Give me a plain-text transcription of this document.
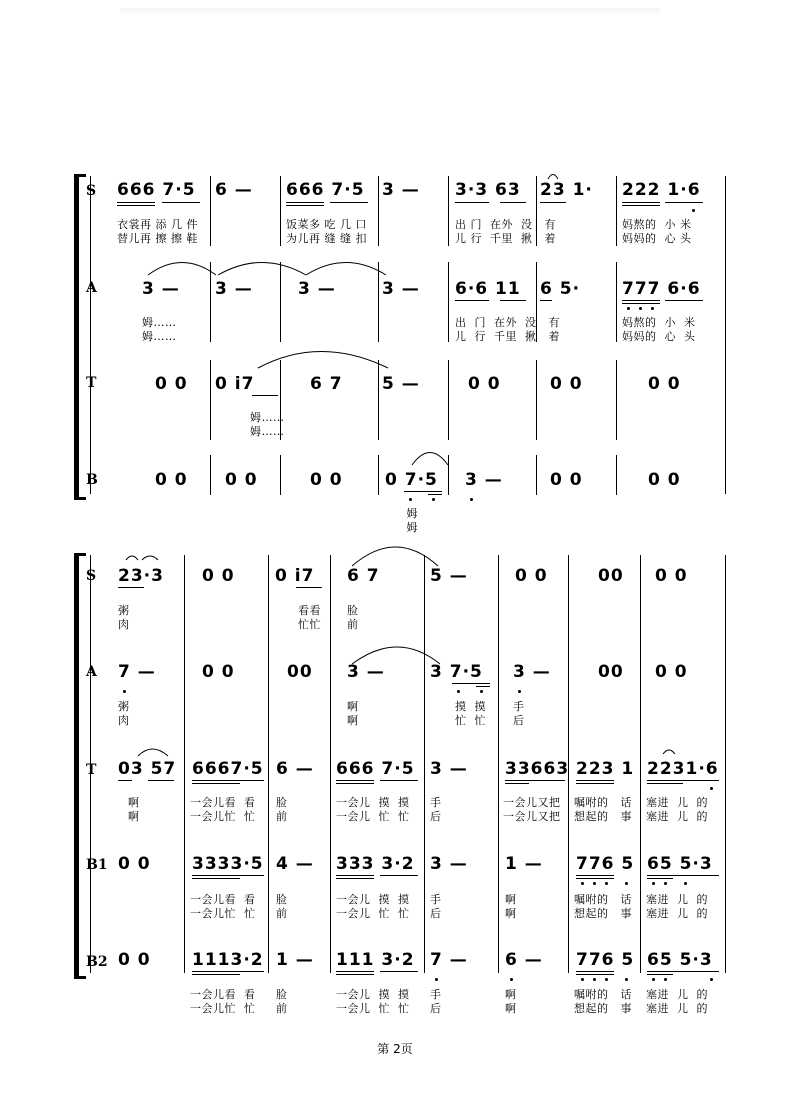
S
A
T
B
666 7·5 6 — 666 7·5 3 — 3·3 63 23 1· 222 1·6
衣裳再 添 几 件
替儿再 擦 擦 鞋
饭菜多 吃 几 口
为儿再 缝 缝 扣
出 门  在外  没   有
儿 行  千里  揪   着
妈熬的  小 米
妈妈的  心 头
3 — 3 —	3 —	3 — 6·6 11 6 5· 777 6·6
姆……
姆……
出  门  在外  没   有
儿  行  千里  揪   着
妈熬的  小  米
妈妈的  心  头
0 0 0 i7	6 7 5 —	0 0	0 0	0 0
姆……
姆……
0 0 0 0	0 0 0 7·5 3 —	0 0	0 0
姆
姆
S
A
T
B1
B2
23·3 0 0 0 i7 6 7	5 —	0 0	00 0 0
粥
肉
看看
忙忙
脸
前
7 —	0 0	00 3 —	3 7·5 3 —	00 0 0
粥
肉
啊
啊
摸  摸
忙  忙
手
后
03 57 6667·5 6 — 666 7·5 3 — 33663 223 1 2231·6
啊
啊
一会儿看  看
一会儿忙  忙
脸
前
一会儿  摸  摸
一会儿  忙  忙
手
后
一会儿又把
一会儿又把
嘱咐的   话
想起的   事
塞进  儿  的
塞进  儿  的
0 0 3333·5 4 — 333 3·2 3 — 1 — 776 5 65 5·3
一会儿看  看
一会儿忙  忙
脸
前
一会儿  摸  摸
一会儿  忙  忙
手
后
啊
啊
嘱咐的   话
想起的   事
塞进  儿  的
塞进  儿  的
0 0 1113·2 1 — 111 3·2 7 — 6 — 776 5 65 5·3
一会儿看  看
一会儿忙  忙
脸
前
一会儿  摸  摸
一会儿  忙  忙
手
后
啊
啊
嘱咐的   话
想起的   事
塞进  儿  的
塞进  儿  的
第 2页
